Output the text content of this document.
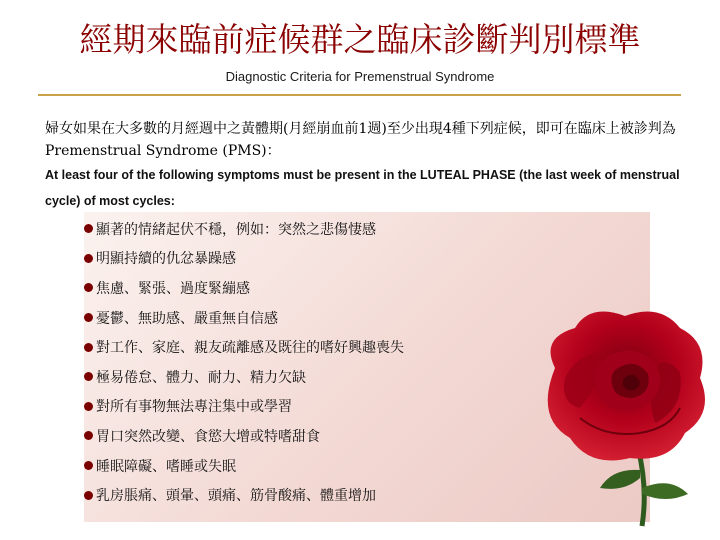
經期來臨前症候群之臨床診斷判別標準
Diagnostic Criteria for Premenstrual Syndrome
婦女如果在大多數的月經週中之黃體期(月經崩血前1週)至少出現4種下列症候，即可在臨床上被診判為Premenstrual Syndrome (PMS)：
At least four of the following symptoms must be present in the LUTEAL PHASE (the last week of menstrual cycle) of most cycles:
顯著的情緒起伏不穩，例如：突然之悲傷悽感
明顯持續的仇忿暴躁感
焦慮、緊張、過度緊繃感
憂鬱、無助感、嚴重無自信感
對工作、家庭、親友疏離感及既往的嗜好興趣喪失
極易倦怠、體力、耐力、精力欠缺
對所有事物無法專注集中或學習
胃口突然改變、食慾大增或特嗜甜食
睡眠障礙、嗜睡或失眠
乳房脹痛、頭暈、頭痛、筋骨酸痛、體重增加
